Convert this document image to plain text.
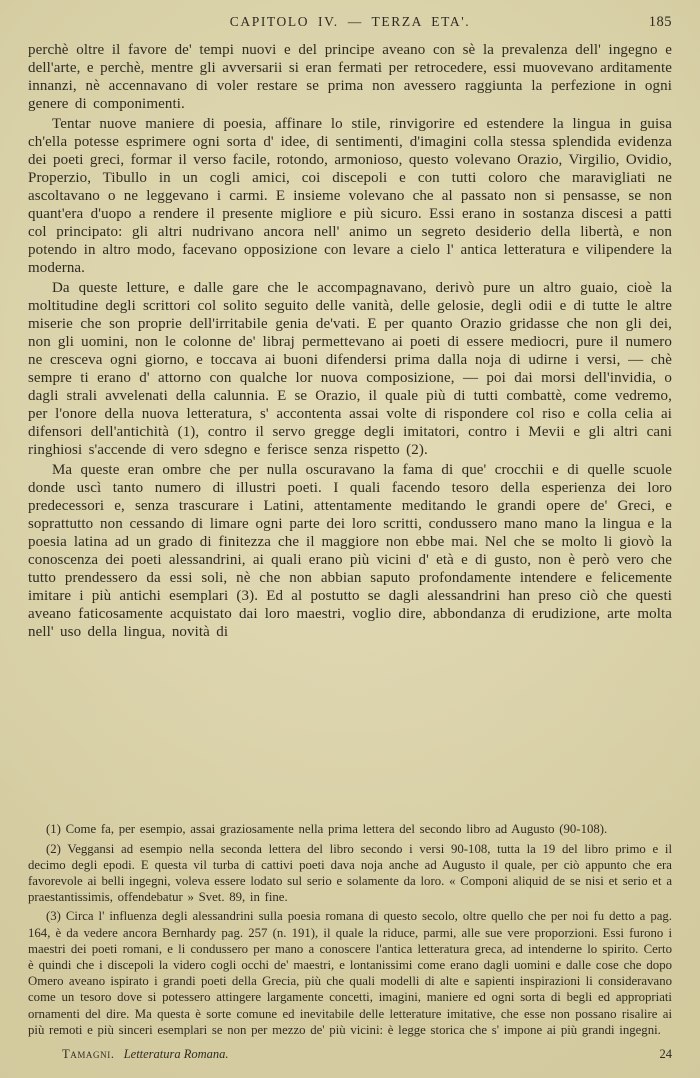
CAPITOLO IV. — TERZA ETA'.	185

perchè oltre il favore de' tempi nuovi e del principe aveano con sè la prevalenza dell' ingegno e dell'arte, e perchè, mentre gli avversarii si eran fermati per retrocedere, essi muovevano arditamente innanzi, nè accennavano di voler restare se prima non avessero raggiunta la perfezione in ogni genere di componimenti.

Tentar nuove maniere di poesia, affinare lo stile, rinvigorire ed estendere la lingua in guisa ch'ella potesse esprimere ogni sorta d' idee, di sentimenti, d'imagini colla stessa splendida evidenza dei poeti greci, formar il verso facile, rotondo, armonioso, questo volevano Orazio, Virgilio, Ovidio, Properzio, Tibullo in un cogli amici, coi discepoli e con tutti coloro che maravigliati ne ascoltavano o ne leggevano i carmi. E insieme volevano che al passato non si pensasse, se non quant'era d'uopo a rendere il presente migliore e più sicuro. Essi erano in sostanza discesi a patti col principato: gli altri nudrivano ancora nell' animo un segreto desiderio della libertà, e non potendo in altro modo, facevano opposizione con levare a cielo l' antica letteratura e vilipendere la moderna.

Da queste letture, e dalle gare che le accompagnavano, derivò pure un altro guaio, cioè la moltitudine degli scrittori col solito seguito delle vanità, delle gelosie, degli odii e di tutte le altre miserie che son proprie dell'irritabile genia de'vati. E per quanto Orazio gridasse che non gli dei, non gli uomini, non le colonne de' libraj permettevano ai poeti di essere mediocri, pure il numero ne cresceva ogni giorno, e toccava ai buoni difendersi prima dalla noja di udirne i versi, — chè sempre ti erano d' attorno con qualche lor nuova composizione, — poi dai morsi dell'invidia, o dagli strali avvelenati della calunnia. E se Orazio, il quale più di tutti combattè, come vedremo, per l'onore della nuova letteratura, s' accontenta assai volte di rispondere col riso e colla celia ai difensori dell'antichità (1), contro il servo gregge degli imitatori, contro i Mevii e gli altri cani ringhiosi s'accende di vero sdegno e ferisce senza rispetto (2).

Ma queste eran ombre che per nulla oscuravano la fama di que' crocchii e di quelle scuole donde uscì tanto numero di illustri poeti. I quali facendo tesoro della esperienza dei loro predecessori e, senza trascurare i Latini, attentamente meditando le grandi opere de' Greci, e soprattutto non cessando di limare ogni parte dei loro scritti, condussero mano mano la lingua e la poesia latina ad un grado di finitezza che il maggiore non ebbe mai. Nel che se molto li giovò la conoscenza dei poeti alessandrini, ai quali erano più vicini d' età e di gusto, non è però vero che tutto prendessero da essi soli, nè che non abbian saputo profondamente intendere e felicemente imitare i più antichi esemplari (3). Ed al postutto se dagli alessandrini han preso ciò che questi aveano faticosamente acquistato dai loro maestri, voglio dire, abbondanza di erudizione, arte molta nell' uso della lingua, novità di

(1) Come fa, per esempio, assai graziosamente nella prima lettera del secondo libro ad Augusto (90-108).

(2) Veggansi ad esempio nella seconda lettera del libro secondo i versi 90-108, tutta la 19 del libro primo e il decimo degli epodi. E questa vil turba di cattivi poeti dava noja anche ad Augusto il quale, per ciò appunto che era favorevole ai belli ingegni, voleva essere lodato sul serio e solamente da loro. « Componi aliquid de se nisi et serio et a praestantissimis, offendebatur » Svet. 89, in fine.

(3) Circa l' influenza degli alessandrini sulla poesia romana di questo secolo, oltre quello che per noi fu detto a pag. 164, è da vedere ancora Bernhardy pag. 257 (n. 191), il quale la riduce, parmi, alle sue vere proporzioni. Essi furono i maestri dei poeti romani, e li condussero per mano a conoscere l'antica letteratura greca, ad intenderne lo spirito. Certo è quindi che i discepoli la videro cogli occhi de' maestri, e lontanissimi come erano dagli uomini e dalle cose che dopo Omero aveano ispirato i grandi poeti della Grecia, più che quali modelli di alte e sapienti inspirazioni li consideravano come un tesoro dove si potessero attingere largamente concetti, imagini, maniere ed ogni sorta di begli ed appropriati ornamenti del dire. Ma questa è sorte comune ed inevitabile delle letterature imitative, che esse non possano risalire ai più remoti e più sinceri esemplari se non per mezzo de' più vicini: è legge storica che s' impone ai più grandi ingegni.

Tamagni. Letteratura Romana.	24
